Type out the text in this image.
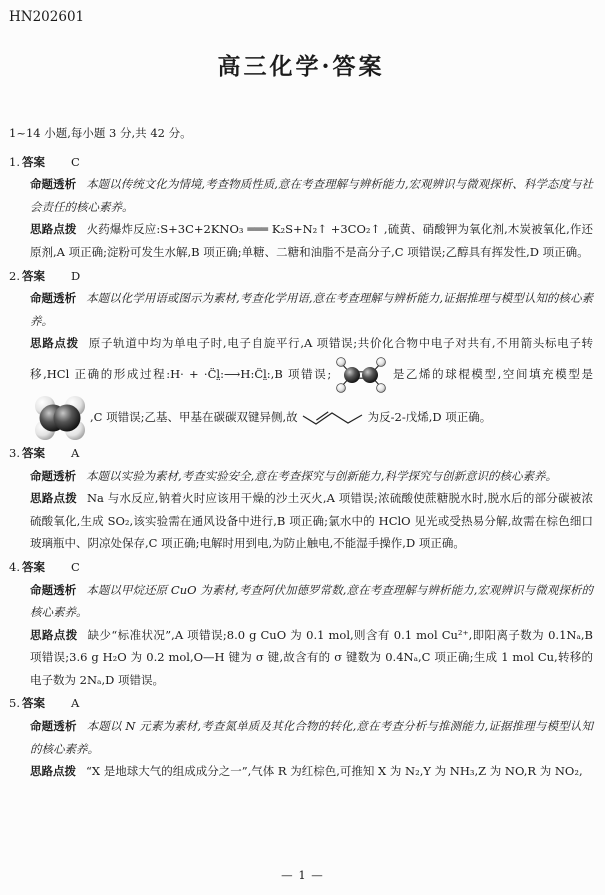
HN202601
高三化学·答案

1~14 小题,每小题 3 分,共 42 分。

1. 答案 C

命题透析 本题以传统文化为情境,考查物质性质,意在考查理解与辨析能力,宏观辨识与微观探析、科学态度与社会责任的核心素养。

思路点拨 火药爆炸反应:S+3C+2KNO₃ ═══ K₂S+N₂↑ +3CO₂↑ ,硫黄、硝酸钾为氧化剂,木炭被氧化,作还原剂,A 项正确;淀粉可发生水解,B 项正确;单糖、二糖和油脂不是高分子,C 项错误;乙醇具有挥发性,D 项正确。

2. 答案 D

命题透析 本题以化学用语或图示为素材,考查化学用语,意在考查理解与辨析能力,证据推理与模型认知的核心素养。

思路点拨 原子轨道中均为单电子时,电子自旋平行,A 项错误;共价化合物中电子对共有,不用箭头标电子转移,HCl 正确的形成过程:H· + ·C̈l̤:⟶H:C̈l̤:,B 项错误;	是乙烯的球棍模型,空间填充模型是,C 项错误;乙基、甲基在碳碳双键异侧,故	为反-2-戊烯,D 项正确。

3. 答案 A

命题透析 本题以实验为素材,考查实验安全,意在考查探究与创新能力,科学探究与创新意识的核心素养。

思路点拨 Na 与水反应,钠着火时应该用干燥的沙土灭火,A 项错误;浓硫酸使蔗糖脱水时,脱水后的部分碳被浓硫酸氧化,生成 SO₂,该实验需在通风设备中进行,B 项正确;氯水中的 HClO 见光或受热易分解,故需在棕色细口玻璃瓶中、阴凉处保存,C 项正确;电解时用到电,为防止触电,不能湿手操作,D 项正确。

4. 答案 C

命题透析 本题以甲烷还原 CuO 为素材,考查阿伏加德罗常数,意在考查理解与辨析能力,宏观辨识与微观探析的核心素养。

思路点拨 缺少“标准状况”,A 项错误;8.0 g CuO 为 0.1 mol,则含有 0.1 mol Cu²⁺,即阳离子数为 0.1Nₐ,B 项错误;3.6 g H₂O 为 0.2 mol,O—H 键为 σ 键,故含有的 σ 键数为 0.4Nₐ,C 项正确;生成 1 mol Cu,转移的电子数为 2Nₐ,D 项错误。

5. 答案 A

命题透析 本题以 N 元素为素材,考查氮单质及其化合物的转化,意在考查分析与推测能力,证据推理与模型认知的核心素养。

思路点拨 “X 是地球大气的组成成分之一”,气体 R 为红棕色,可推知 X 为 N₂,Y 为 NH₃,Z 为 NO,R 为 NO₂,

— 1 —
